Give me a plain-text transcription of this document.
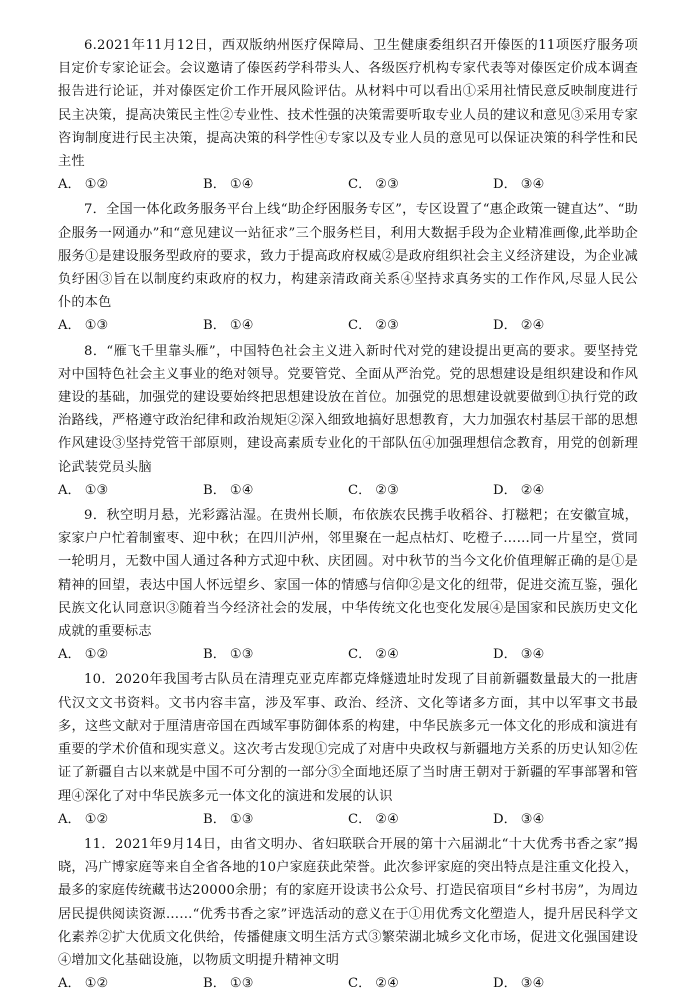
6.2021年11月12日，西双版纳州医疗保障局、卫生健康委组织召开傣医的11项医疗服务项目定价专家论证会。会议邀请了傣医药学科带头人、各级医疗机构专家代表等对傣医定价成本调查报告进行论证，并对傣医定价工作开展风险评估。从材料中可以看出①采用社情民意反映制度进行民主决策，提高决策民主性②专业性、技术性强的决策需要听取专业人员的建议和意见③采用专家咨询制度进行民主决策，提高决策的科学性④专家以及专业人员的意见可以保证决策的科学性和民主性

A． ①②	B． ①④	C． ②③	D． ③④

7．全国一体化政务服务平台上线“助企纾困服务专区”，专区设置了“惠企政策一键直达”、“助企服务一网通办”和“意见建议一站征求”三个服务栏目，利用大数据手段为企业精准画像,此举助企服务①是建设服务型政府的要求，致力于提高政府权威②是政府组织社会主义经济建设，为企业减负纾困③旨在以制度约束政府的权力，构建亲清政商关系④坚持求真务实的工作作风,尽显人民公仆的本色

A． ①③	B． ①④	C． ②③	D． ②④

8．“雁飞千里靠头雁”，中国特色社会主义进入新时代对党的建设提出更高的要求。要坚持党对中国特色社会主义事业的绝对领导。党要管党、全面从严治党。党的思想建设是组织建设和作风建设的基础，加强党的建设要始终把思想建设放在首位。加强党的思想建设就要做到①执行党的政治路线，严格遵守政治纪律和政治规矩②深入细致地搞好思想教育，大力加强农村基层干部的思想作风建设③坚持党管干部原则，建设高素质专业化的干部队伍④加强理想信念教育，用党的创新理论武装党员头脑

A． ①③	B． ①④	C． ②③	D． ②④

9．秋空明月悬，光彩露沾湿。在贵州长顺，布依族农民携手收稻谷、打糍粑；在安徽宣城，家家户户忙着制蜜枣、迎中秋；在四川泸州，邻里聚在一起点枯灯、吃橙子……同一片星空，赏同一轮明月，无数中国人通过各种方式迎中秋、庆团圆。对中秋节的当今文化价值理解正确的是①是精神的回望，表达中国人怀远望乡、家国一体的情感与信仰②是文化的纽带，促进交流互鉴，强化民族文化认同意识③随着当今经济社会的发展，中华传统文化也变化发展④是国家和民族历史文化成就的重要标志

A． ①②	B． ①③	C． ②④	D． ③④

10．2020年我国考古队员在清理克亚克库都克烽燧遗址时发现了目前新疆数量最大的一批唐代汉文文书资料。文书内容丰富，涉及军事、政治、经济、文化等诸多方面，其中以军事文书最多，这些文献对于厘清唐帝国在西域军事防御体系的构建，中华民族多元一体文化的形成和演进有重要的学术价值和现实意义。这次考古发现①完成了对唐中央政权与新疆地方关系的历史认知②佐证了新疆自古以来就是中国不可分割的一部分③全面地还原了当时唐王朝对于新疆的军事部署和管理④深化了对中华民族多元一体文化的演进和发展的认识

A． ①②	B． ①③	C． ②④	D． ③④

11．2021年9月14日，由省文明办、省妇联联合开展的第十六届湖北“十大优秀书香之家”揭晓，冯广博家庭等来自全省各地的10户家庭获此荣誉。此次参评家庭的突出特点是注重文化投入，最多的家庭传统藏书达20000余册；有的家庭开设读书公众号、打造民宿项目“乡村书房”，为周边居民提供阅读资源……“优秀书香之家”评选活动的意义在于①用优秀文化塑造人，提升居民科学文化素养②扩大优质文化供给，传播健康文明生活方式③繁荣湖北城乡文化市场，促进文化强国建设④增加文化基础设施，以物质文明提升精神文明

A． ①②	B． ①③	C． ②④	D． ③④
